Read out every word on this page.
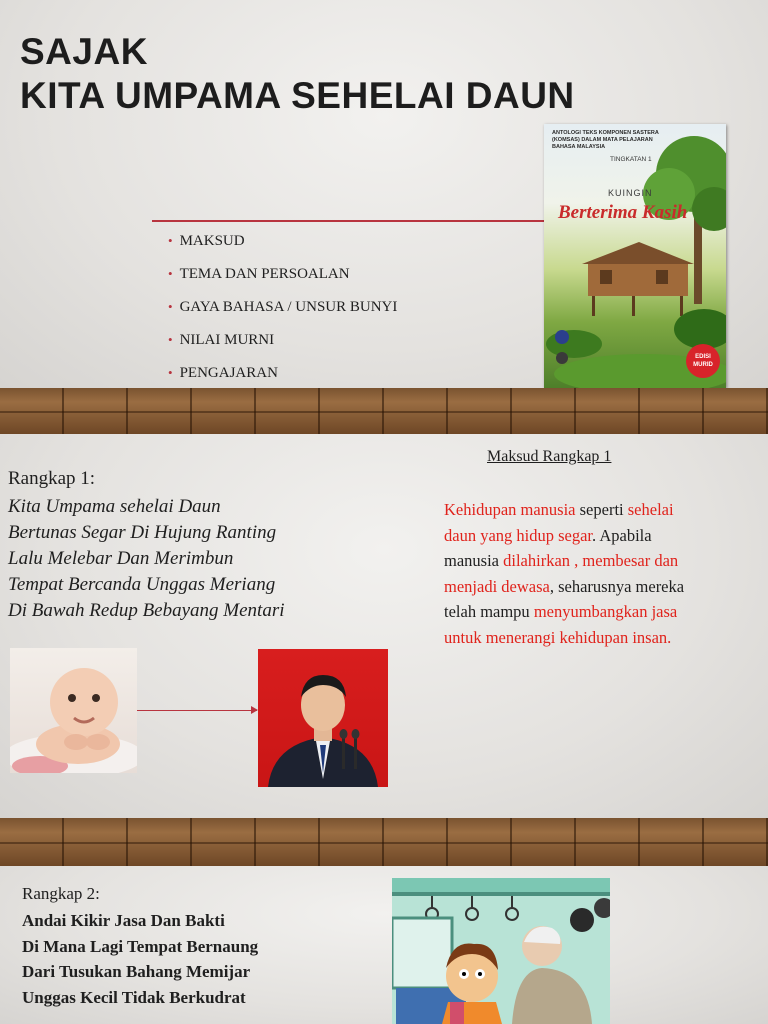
SAJAK
KITA UMPAMA SEHELAI DAUN
• MAKSUD
• TEMA DAN PERSOALAN
• GAYA BAHASA / UNSUR BUNYI
• NILAI MURNI
• PENGAJARAN
ANTOLOGI TEKS KOMPONEN SASTERA (KOMSAS) DALAM MATA PELAJARAN BAHASA MALAYSIA
TINGKATAN 1
KUINGIN
Berterima Kasih
EDISI MURID
Rangkap 1:
Kita Umpama sehelai Daun
Bertunas Segar Di Hujung Ranting
Lalu Melebar Dan Merimbun
Tempat Bercanda Unggas Meriang
Di Bawah Redup Bebayang Mentari
Maksud Rangkap 1

Kehidupan manusia seperti sehelai daun yang hidup segar. Apabila manusia dilahirkan , membesar dan menjadi dewasa, seharusnya mereka telah mampu menyumbangkan jasa untuk menerangi kehidupan insan.

Rangkap 2:
Andai Kikir Jasa Dan Bakti
Di Mana Lagi Tempat Bernaung
Dari Tusukan Bahang Memijar
Unggas Kecil Tidak Berkudrat
